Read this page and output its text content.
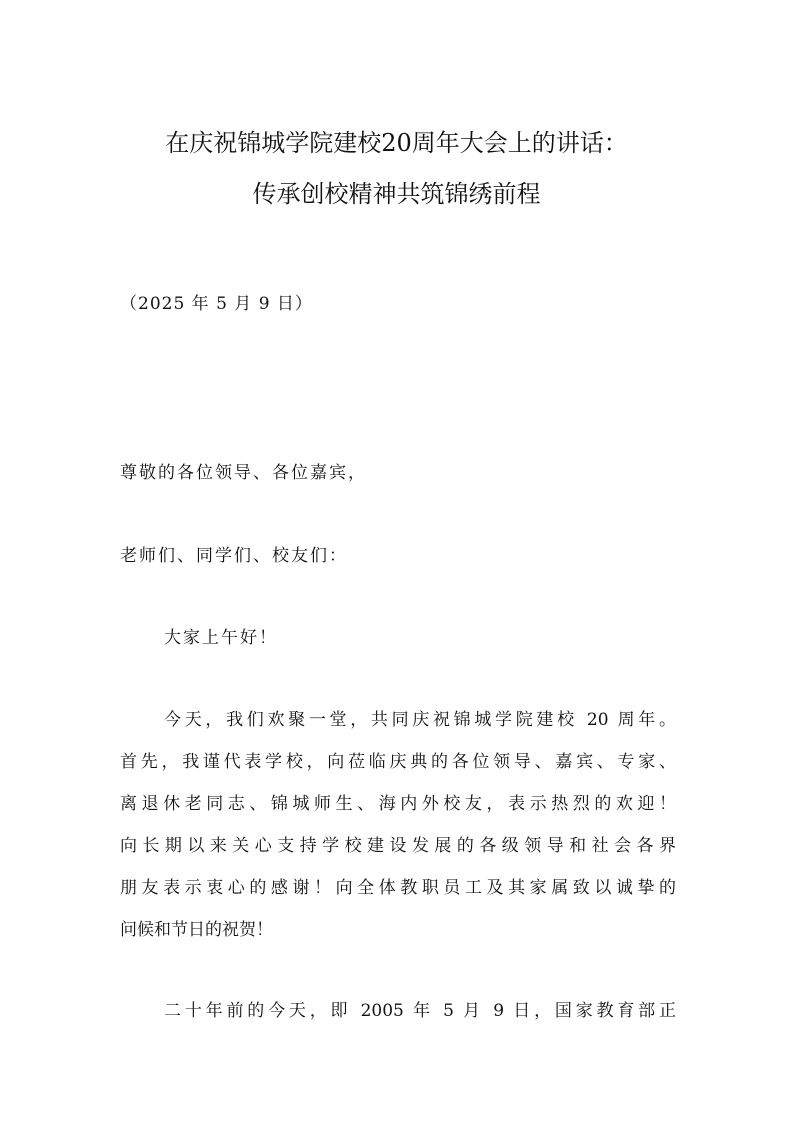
在庆祝锦城学院建校20周年大会上的讲话：
传承创校精神共筑锦绣前程
（2025 年 5 月 9 日）
尊敬的各位领导、各位嘉宾，
老师们、同学们、校友们：
大家上午好！
今天，我们欢聚一堂，共同庆祝锦城学院建校 20 周年。
首先，我谨代表学校，向莅临庆典的各位领导、嘉宾、专家、
离退休老同志、锦城师生、海内外校友，表示热烈的欢迎！
向长期以来关心支持学校建设发展的各级领导和社会各界
朋友表示衷心的感谢！向全体教职员工及其家属致以诚挚的
问候和节日的祝贺！
二十年前的今天，即 2005 年 5 月 9 日，国家教育部正
